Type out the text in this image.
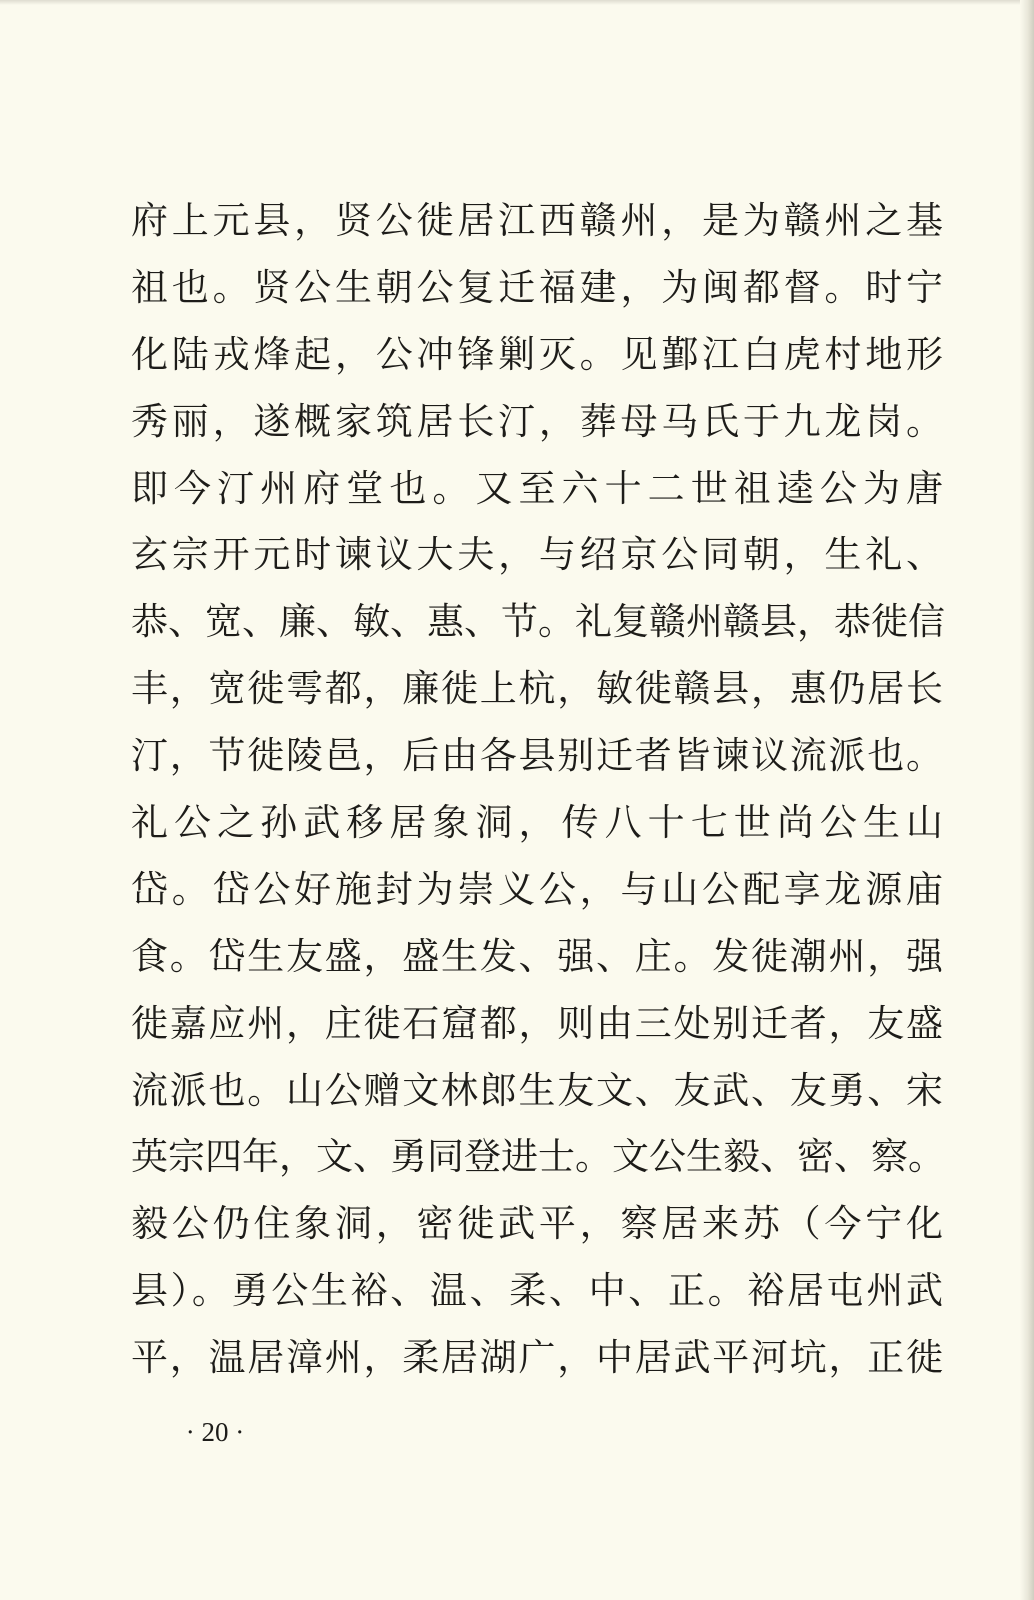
府上元县，贤公徙居江西赣州，是为赣州之基
祖也。贤公生朝公复迁福建，为闽都督。时宁
化陆戎烽起，公冲锋剿灭。见鄞江白虎村地形
秀丽，遂概家筑居长汀，葬母马氏于九龙岗。
即今汀州府堂也。又至六十二世祖逵公为唐
玄宗开元时谏议大夫，与绍京公同朝，生礼、
恭、宽、廉、敏、惠、节。礼复赣州赣县，恭徙信
丰，宽徙雩都，廉徙上杭，敏徙赣县，惠仍居长
汀，节徙陵邑，后由各县别迁者皆谏议流派也。
礼公之孙武移居象洞，传八十七世尚公生山
岱。岱公好施封为崇义公，与山公配享龙源庙
食。岱生友盛，盛生发、强、庄。发徙潮州，强
徙嘉应州，庄徙石窟都，则由三处别迁者，友盛
流派也。山公赠文林郎生友文、友武、友勇、宋
英宗四年，文、勇同登进士。文公生毅、密、察。
毅公仍住象洞，密徙武平，察居来苏（今宁化
县）。勇公生裕、温、柔、中、正。裕居屯州武
平，温居漳州，柔居湖广，中居武平河坑，正徙
· 20 ·
